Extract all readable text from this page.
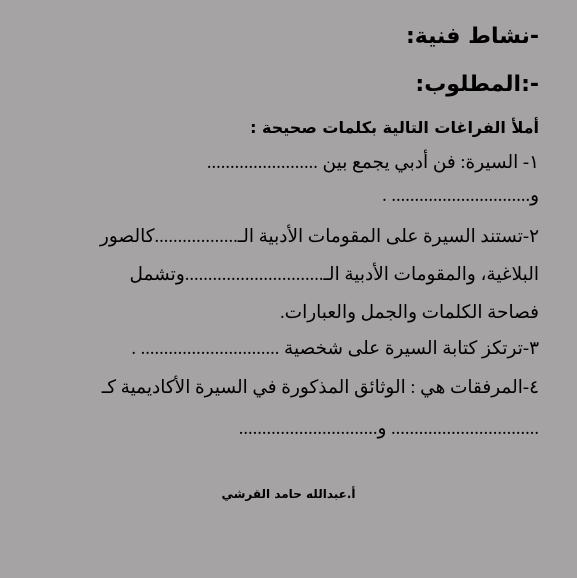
-نشاط فنية:
-:المطلوب:
أملأ الفراغات التالية بكلمات صحيحة :
١- السيرة: فن أدبي يجمع بين ........................
و.............................. .
٢-تستند السيرة على المقومات الأدبية الـ..................كالصور
البلاغية، والمقومات الأدبية الـ..............................وتشمل
فصاحة الكلمات والجمل والعبارات.
٣-ترتكز كتابة السيرة على شخصية .............................. .
٤-المرفقات هي : الوثائق المذكورة في السيرة الأكاديمية كـ
................................ و..............................
أ.عبدالله حامد القرشي
